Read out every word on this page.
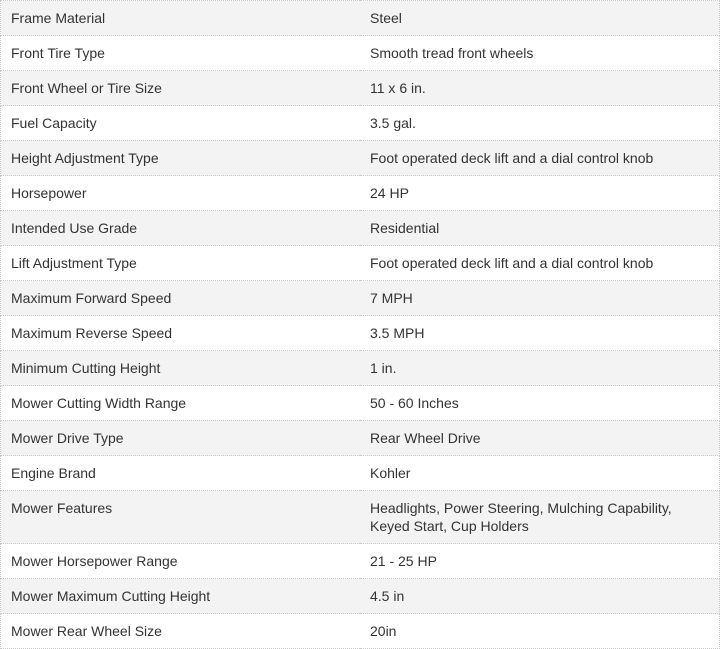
Frame Material	Steel
Front Tire Type	Smooth tread front wheels
Front Wheel or Tire Size	11 x 6 in.
Fuel Capacity	3.5 gal.
Height Adjustment Type	Foot operated deck lift and a dial control knob
Horsepower	24 HP
Intended Use Grade	Residential
Lift Adjustment Type	Foot operated deck lift and a dial control knob
Maximum Forward Speed	7 MPH
Maximum Reverse Speed	3.5 MPH
Minimum Cutting Height	1 in.
Mower Cutting Width Range	50 - 60 Inches
Mower Drive Type	Rear Wheel Drive
Engine Brand	Kohler
Mower Features	Headlights, Power Steering, Mulching Capability, Keyed Start, Cup Holders
Mower Horsepower Range	21 - 25 HP
Mower Maximum Cutting Height	4.5 in
Mower Rear Wheel Size	20in
